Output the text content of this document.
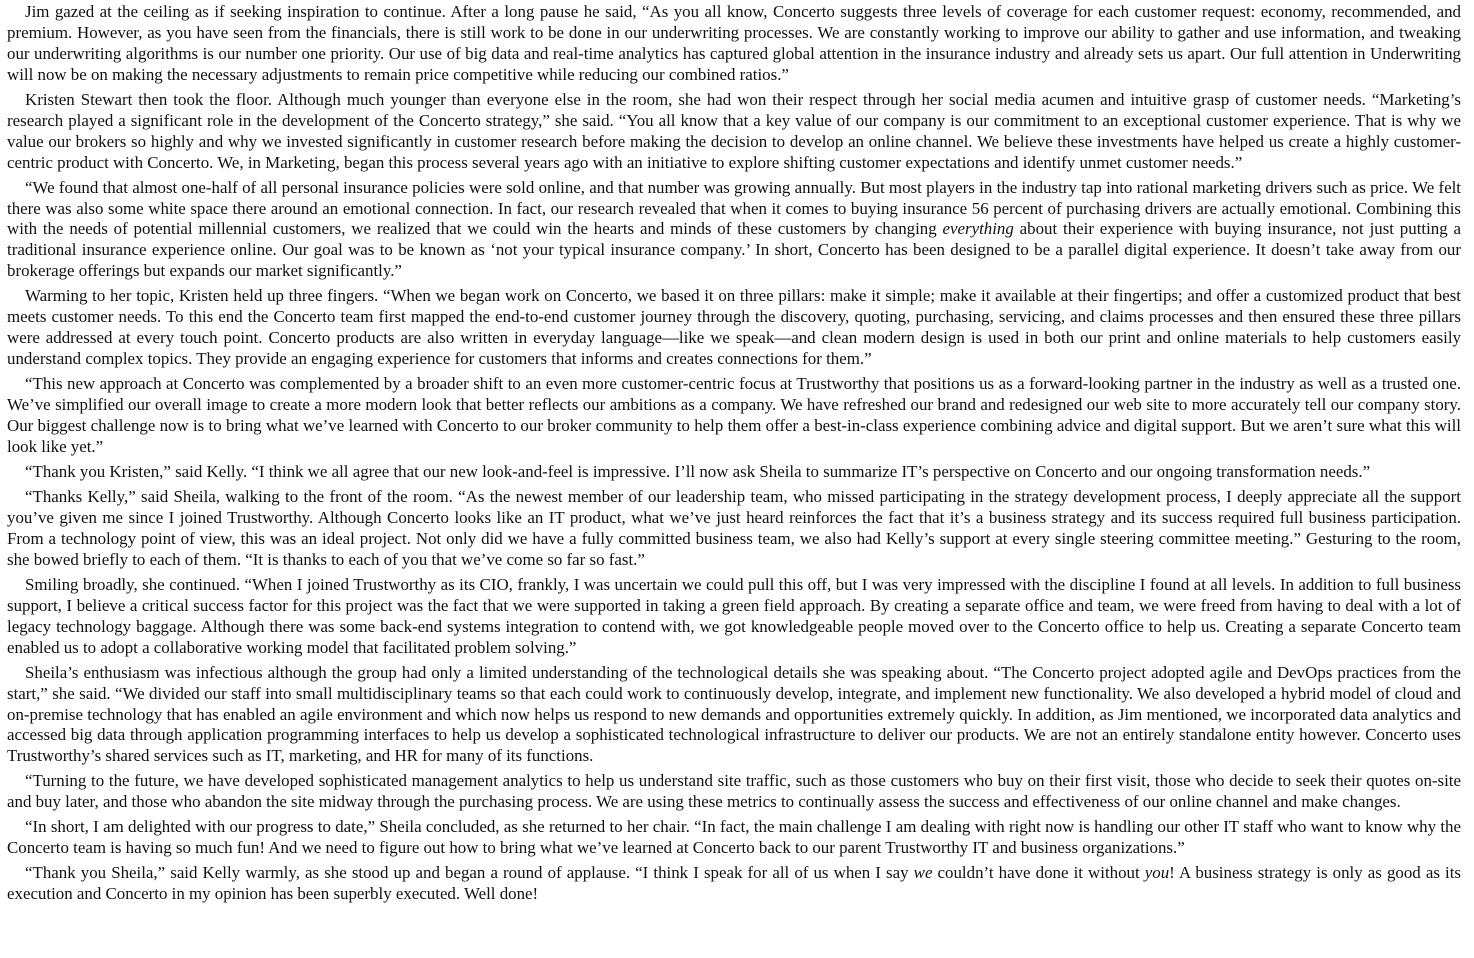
Jim gazed at the ceiling as if seeking inspiration to continue. After a long pause he said, “As you all know, Concerto suggests three levels of coverage for each customer request: economy, recommended, and premium. However, as you have seen from the financials, there is still work to be done in our underwriting processes. We are constantly working to improve our ability to gather and use information, and tweaking our underwriting algorithms is our number one priority. Our use of big data and real-time analytics has captured global attention in the insurance industry and already sets us apart. Our full attention in Underwriting will now be on making the necessary adjustments to remain price competitive while reducing our combined ratios.”

Kristen Stewart then took the floor. Although much younger than everyone else in the room, she had won their respect through her social media acumen and intuitive grasp of customer needs. “Marketing’s research played a significant role in the development of the Concerto strategy,” she said. “You all know that a key value of our company is our commitment to an exceptional customer experience. That is why we value our brokers so highly and why we invested significantly in customer research before making the decision to develop an online channel. We believe these investments have helped us create a highly customer-centric product with Concerto. We, in Marketing, began this process several years ago with an initiative to explore shifting customer expectations and identify unmet customer needs.”

“We found that almost one-half of all personal insurance policies were sold online, and that number was growing annually. But most players in the industry tap into rational marketing drivers such as price. We felt there was also some white space there around an emotional connection. In fact, our research revealed that when it comes to buying insurance 56 percent of purchasing drivers are actually emotional. Combining this with the needs of potential millennial customers, we realized that we could win the hearts and minds of these customers by changing everything about their experience with buying insurance, not just putting a traditional insurance experience online. Our goal was to be known as ‘not your typical insurance company.’ In short, Concerto has been designed to be a parallel digital experience. It doesn’t take away from our brokerage offerings but expands our market significantly.”

Warming to her topic, Kristen held up three fingers. “When we began work on Concerto, we based it on three pillars: make it simple; make it available at their fingertips; and offer a customized product that best meets customer needs. To this end the Concerto team first mapped the end-to-end customer journey through the discovery, quoting, purchasing, servicing, and claims processes and then ensured these three pillars were addressed at every touch point. Concerto products are also written in everyday language—like we speak—and clean modern design is used in both our print and online materials to help customers easily understand complex topics. They provide an engaging experience for customers that informs and creates connections for them.”

“This new approach at Concerto was complemented by a broader shift to an even more customer-centric focus at Trustworthy that positions us as a forward-looking partner in the industry as well as a trusted one. We’ve simplified our overall image to create a more modern look that better reflects our ambitions as a company. We have refreshed our brand and redesigned our web site to more accurately tell our company story. Our biggest challenge now is to bring what we’ve learned with Concerto to our broker community to help them offer a best-in-class experience combining advice and digital support. But we aren’t sure what this will look like yet.”

“Thank you Kristen,” said Kelly. “I think we all agree that our new look-and-feel is impressive. I’ll now ask Sheila to summarize IT’s perspective on Concerto and our ongoing transformation needs.”

“Thanks Kelly,” said Sheila, walking to the front of the room. “As the newest member of our leadership team, who missed participating in the strategy development process, I deeply appreciate all the support you’ve given me since I joined Trustworthy. Although Concerto looks like an IT product, what we’ve just heard reinforces the fact that it’s a business strategy and its success required full business participation. From a technology point of view, this was an ideal project. Not only did we have a fully committed business team, we also had Kelly’s support at every single steering committee meeting.” Gesturing to the room, she bowed briefly to each of them. “It is thanks to each of you that we’ve come so far so fast.”

Smiling broadly, she continued. “When I joined Trustworthy as its CIO, frankly, I was uncertain we could pull this off, but I was very impressed with the discipline I found at all levels. In addition to full business support, I believe a critical success factor for this project was the fact that we were supported in taking a green field approach. By creating a separate office and team, we were freed from having to deal with a lot of legacy technology baggage. Although there was some back-end systems integration to contend with, we got knowledgeable people moved over to the Concerto office to help us. Creating a separate Concerto team enabled us to adopt a collaborative working model that facilitated problem solving.”

Sheila’s enthusiasm was infectious although the group had only a limited understanding of the technological details she was speaking about. “The Concerto project adopted agile and DevOps practices from the start,” she said. “We divided our staff into small multidisciplinary teams so that each could work to continuously develop, integrate, and implement new functionality. We also developed a hybrid model of cloud and on-premise technology that has enabled an agile environment and which now helps us respond to new demands and opportunities extremely quickly. In addition, as Jim mentioned, we incorporated data analytics and accessed big data through application programming interfaces to help us develop a sophisticated technological infrastructure to deliver our products. We are not an entirely standalone entity however. Concerto uses Trustworthy’s shared services such as IT, marketing, and HR for many of its functions.

“Turning to the future, we have developed sophisticated management analytics to help us understand site traffic, such as those customers who buy on their first visit, those who decide to seek their quotes on-site and buy later, and those who abandon the site midway through the purchasing process. We are using these metrics to continually assess the success and effectiveness of our online channel and make changes.

“In short, I am delighted with our progress to date,” Sheila concluded, as she returned to her chair. “In fact, the main challenge I am dealing with right now is handling our other IT staff who want to know why the Concerto team is having so much fun! And we need to figure out how to bring what we’ve learned at Concerto back to our parent Trustworthy IT and business organizations.”

“Thank you Sheila,” said Kelly warmly, as she stood up and began a round of applause. “I think I speak for all of us when I say we couldn’t have done it without you! A business strategy is only as good as its execution and Concerto in my opinion has been superbly executed. Well done!
